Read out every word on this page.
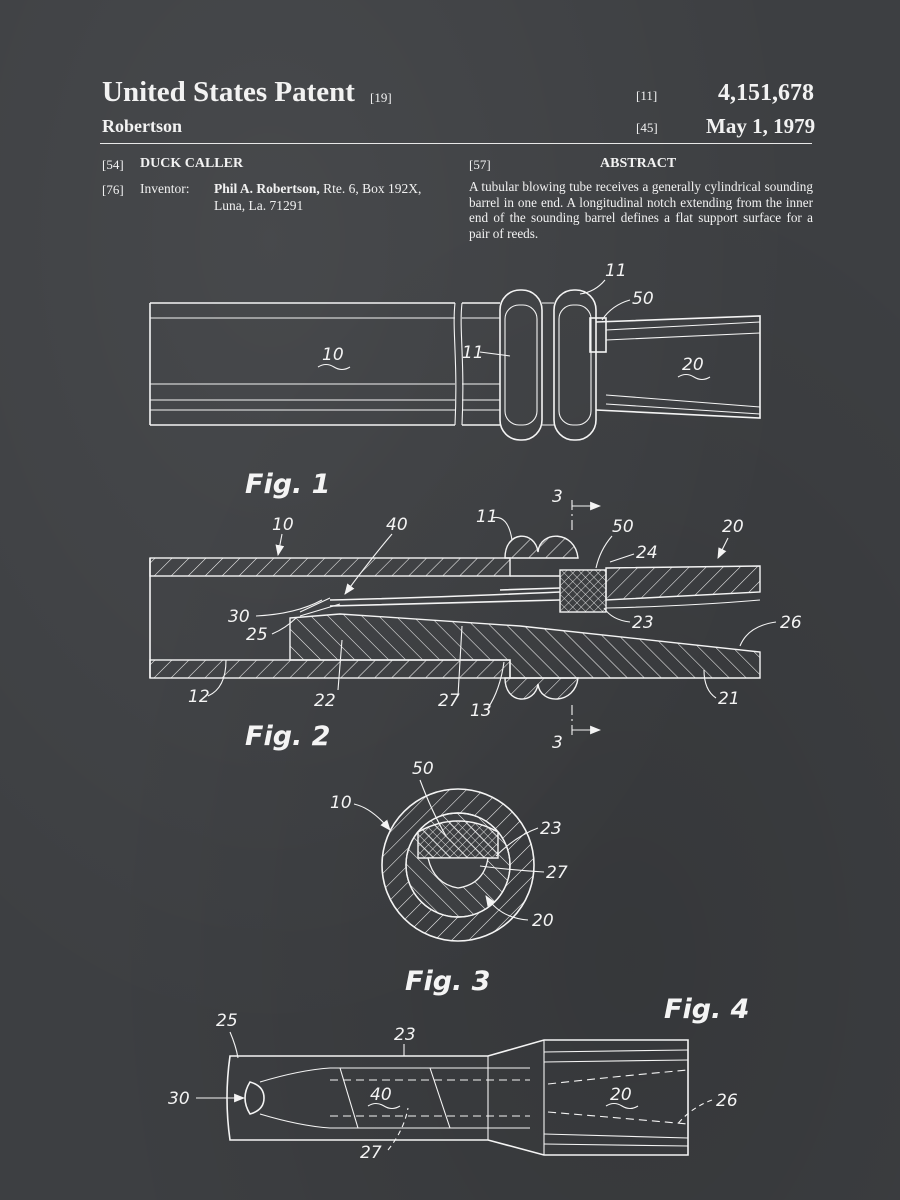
United States Patent [19]	[11]	4,151,678
Robertson	[45] May 1, 1979
[54] DUCK CALLER
[76] Inventor: Phil A. Robertson, Rte. 6, Box 192X,
Luna, La. 71291
[57]	ABSTRACT
A tubular blowing tube receives a generally cylindrical sounding barrel in one end. A longitudinal notch extending from the inner end of the sounding barrel defines a flat support surface for a pair of reeds.
10
11
11
50
20
Fig. 1
10	40	11
3
50	20
24
30
25
23	26
12	22	27 13
21
3
Fig. 2
50
10
23
27
20
Fig. 3
25
23
30	40	20	26
27
Fig. 4
